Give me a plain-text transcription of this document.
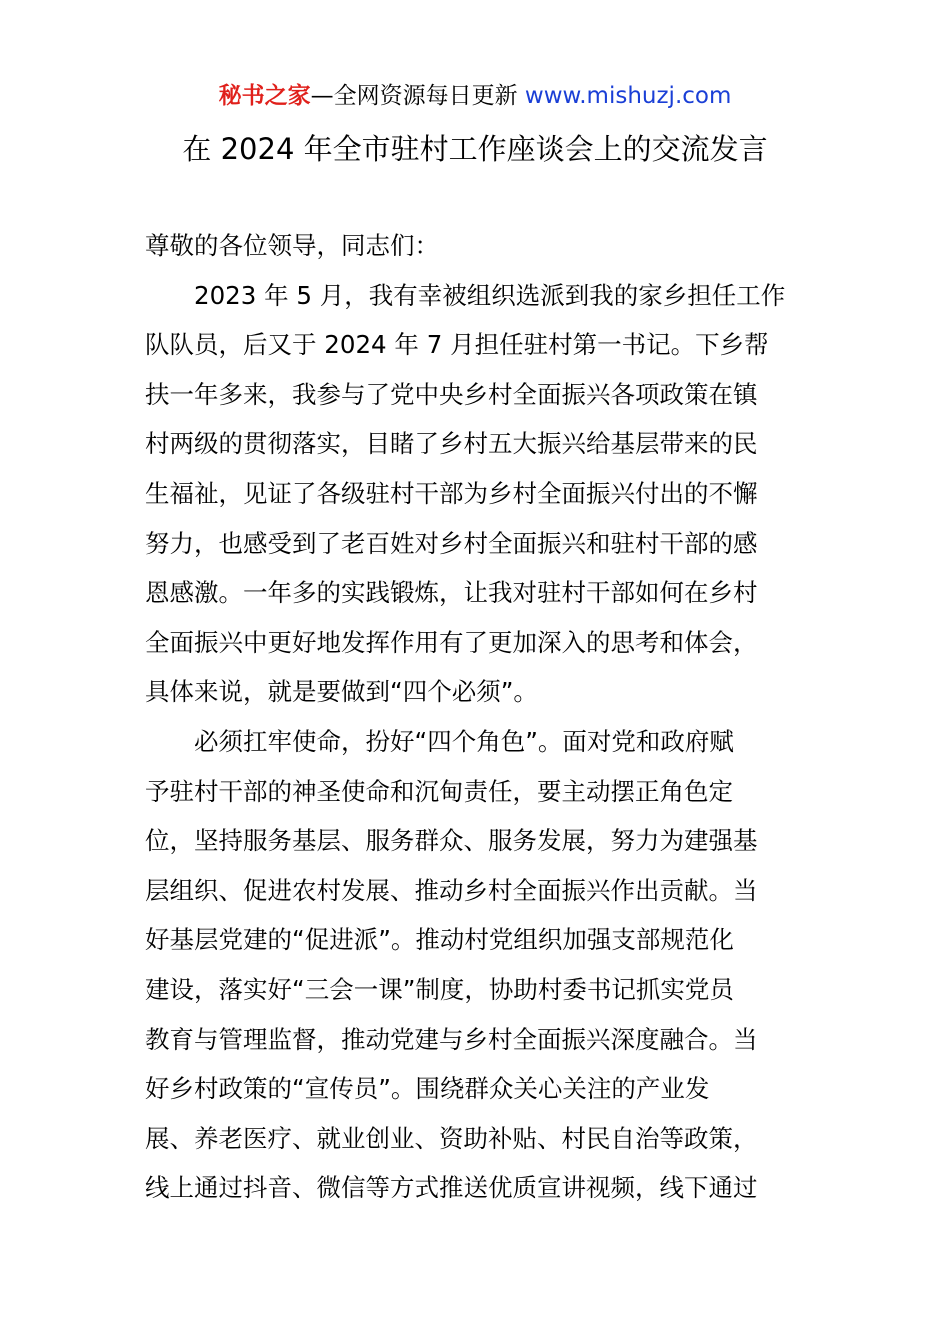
秘书之家—全网资源每日更新 www.mishuzj.com
在 2024 年全市驻村工作座谈会上的交流发言
尊敬的各位领导，同志们：
2023 年 5 月，我有幸被组织选派到我的家乡担任工作
队队员，后又于 2024 年 7 月担任驻村第一书记。下乡帮
扶一年多来，我参与了党中央乡村全面振兴各项政策在镇
村两级的贯彻落实，目睹了乡村五大振兴给基层带来的民
生福祉，见证了各级驻村干部为乡村全面振兴付出的不懈
努力，也感受到了老百姓对乡村全面振兴和驻村干部的感
恩感激。一年多的实践锻炼，让我对驻村干部如何在乡村
全面振兴中更好地发挥作用有了更加深入的思考和体会，
具体来说，就是要做到“四个必须”。
必须扛牢使命，扮好“四个角色”。面对党和政府赋
予驻村干部的神圣使命和沉甸责任，要主动摆正角色定
位，坚持服务基层、服务群众、服务发展，努力为建强基
层组织、促进农村发展、推动乡村全面振兴作出贡献。当
好基层党建的“促进派”。推动村党组织加强支部规范化
建设，落实好“三会一课”制度，协助村委书记抓实党员
教育与管理监督，推动党建与乡村全面振兴深度融合。当
好乡村政策的“宣传员”。围绕群众关心关注的产业发
展、养老医疗、就业创业、资助补贴、村民自治等政策，
线上通过抖音、微信等方式推送优质宣讲视频，线下通过
